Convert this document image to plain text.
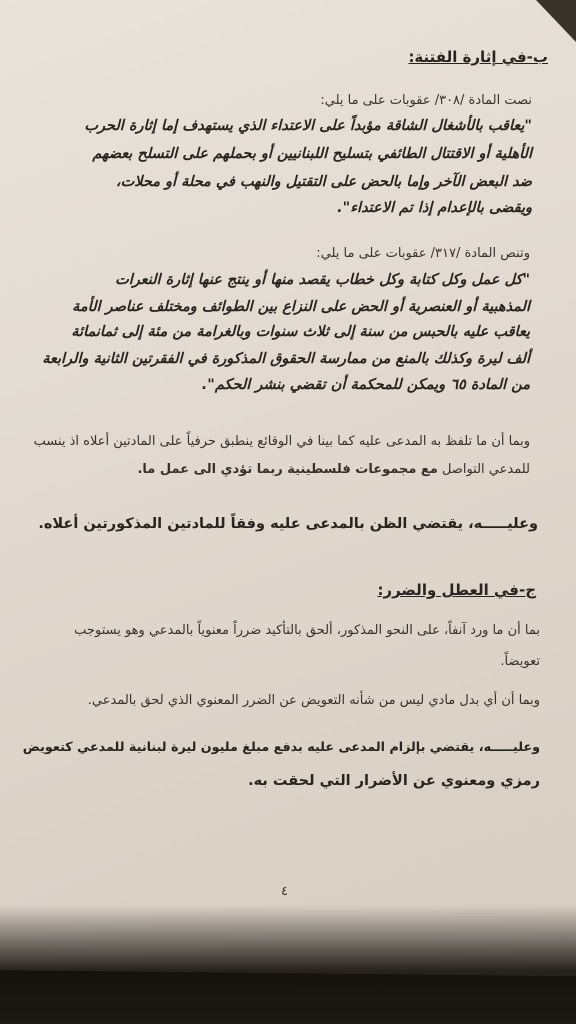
ب-في إثارة الفتنة:
نصت المادة /٣٠٨/ عقوبات على ما يلي:
"يعاقب بالأشغال الشاقة مؤبداً على الاعتداء الذي يستهدف إما إثارة الحرب
الأهلية أو الاقتتال الطائفي بتسليح اللبنانيين أو بحملهم على التسلح بعضهم
ضد البعض الآخر وإما بالحض على التقتيل والنهب في محلة أو محلات،
ويقضى بالإعدام إذا تم الاعتداء".
وتنص المادة /٣١٧/ عقوبات على ما يلي:
"كل عمل وكل كتابة وكل خطاب يقصد منها أو ينتج عنها إثارة النعرات
المذهبية أو العنصرية أو الحض على النزاع بين الطوائف ومختلف عناصر الأمة
يعاقب عليه بالحبس من سنة إلى ثلاث سنوات وبالغرامة من مئة إلى ثمانمائة
ألف ليرة وكذلك بالمنع من ممارسة الحقوق المذكورة في الفقرتين الثانية والرابعة
من المادة ٦٥ ويمكن للمحكمة أن تقضي بنشر الحكم".
وبما أن ما تلفظ به المدعى عليه كما بينا في الوقائع ينطبق حرفياً على المادتين أعلاه اذ ينسب
للمدعي التواصل مع مجموعات فلسطينية ربما تؤدي الى عمل ما.
وعليـــــه، يقتضي الظن بالمدعى عليه وفقاً للمادتين المذكورتين أعلاه.
ج-في العطل والضرر:
بما أن ما ورد آنفاً، على النحو المذكور، ألحق بالتأكيد ضرراً معنوياً بالمدعي وهو يستوجب
تعويضاً.
وبما أن أي بدل مادي ليس من شأنه التعويض عن الضرر المعنوي الذي لحق بالمدعي.
وعليـــــه، يقتضي بإلزام المدعى عليه بدفع مبلغ مليون ليرة لبنانية للمدعي كتعويض
رمزي ومعنوي عن الأضرار التي لحقت به.
٤
